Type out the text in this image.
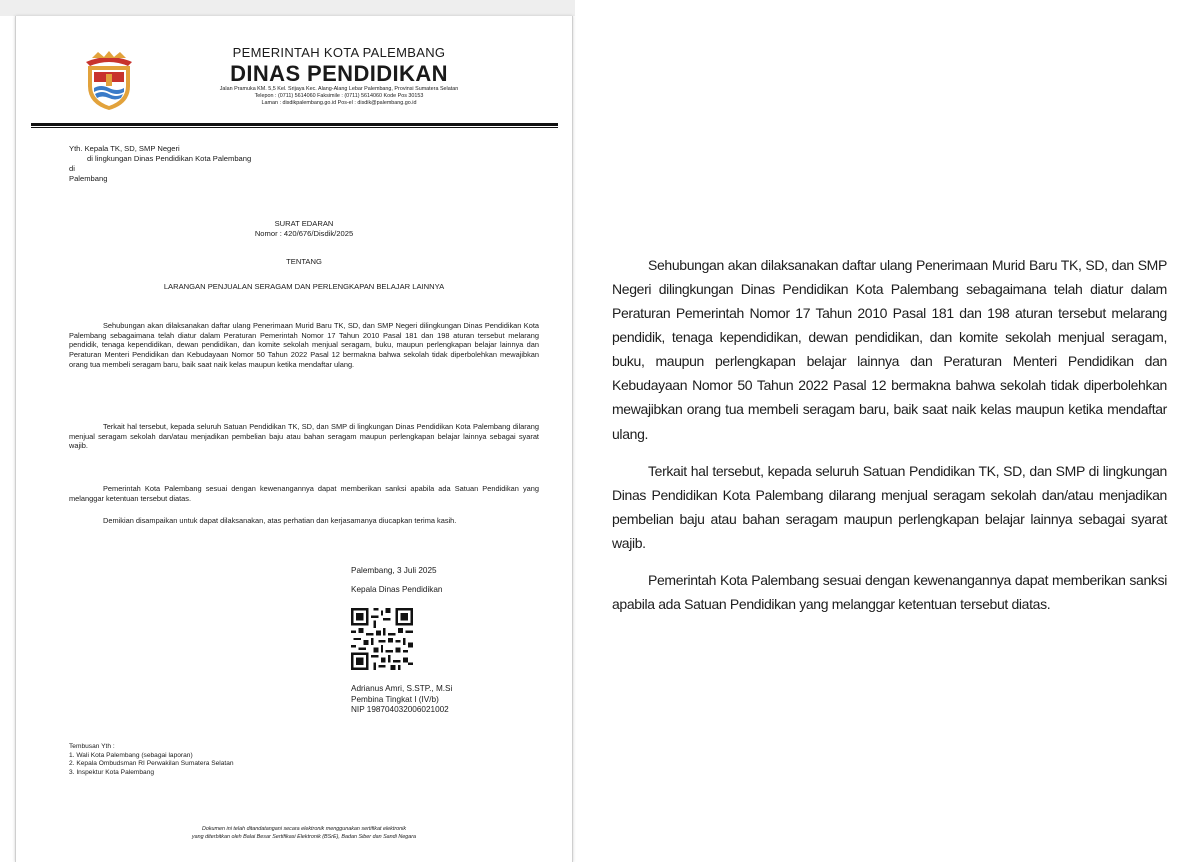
PEMERINTAH KOTA PALEMBANG
DINAS PENDIDIKAN
Jalan Pramuka KM. 5,5 Kel. Srijaya Kec. Alang-Alang Lebar Palembang, Provinsi Sumatera Selatan
Telepon : (0711) 5614060 Faksimile : (0711) 5614060 Kode Pos 30153
Laman : disdikpalembang.go.id Pos-el : disdik@palembang.go.id
Yth. Kepala TK, SD, SMP Negeri
di lingkungan Dinas Pendidikan Kota Palembang
di
Palembang
SURAT EDARAN
Nomor : 420/676/Disdik/2025
TENTANG
LARANGAN PENJUALAN SERAGAM DAN PERLENGKAPAN BELAJAR LAINNYA
Sehubungan akan dilaksanakan daftar ulang Penerimaan Murid Baru TK, SD, dan SMP Negeri dilingkungan Dinas Pendidikan Kota Palembang sebagaimana telah diatur dalam Peraturan Pemerintah Nomor 17 Tahun 2010 Pasal 181 dan 198 aturan tersebut melarang pendidik, tenaga kependidikan, dewan pendidikan, dan komite sekolah menjual seragam, buku, maupun perlengkapan belajar lainnya dan Peraturan Menteri Pendidikan dan Kebudayaan Nomor 50 Tahun 2022 Pasal 12 bermakna bahwa sekolah tidak diperbolehkan mewajibkan orang tua membeli seragam baru, baik saat naik kelas maupun ketika mendaftar ulang.
Terkait hal tersebut, kepada seluruh Satuan Pendidikan TK, SD, dan SMP di lingkungan Dinas Pendidikan Kota Palembang dilarang menjual seragam sekolah dan/atau menjadikan pembelian baju atau bahan seragam maupun perlengkapan belajar lainnya sebagai syarat wajib.
Pemerintah Kota Palembang sesuai dengan kewenangannya dapat memberikan sanksi apabila ada Satuan Pendidikan yang melanggar ketentuan tersebut diatas.
Demikian disampaikan untuk dapat dilaksanakan, atas perhatian dan kerjasamanya diucapkan terima kasih.
Palembang, 3 Juli 2025
Kepala Dinas Pendidikan
Adrianus Amri, S.STP., M.Si
Pembina Tingkat I (IV/b)
NIP 198704032006021002
Tembusan Yth :
1. Wali Kota Palembang (sebagai laporan)
2. Kepala Ombudsman RI Perwakilan Sumatera Selatan
3. Inspektur Kota Palembang
Dokumen ini telah ditandatangani secara elektronik menggunakan sertifikat elektronik
yang diterbitkan oleh Balai Besar Sertifikasi Elektronik (BSrE), Badan Siber dan Sandi Negara

Sehubungan akan dilaksanakan daftar ulang Penerimaan Murid Baru TK, SD, dan SMP Negeri dilingkungan Dinas Pendidikan Kota Palembang sebagaimana telah diatur dalam Peraturan Pemerintah Nomor 17 Tahun 2010 Pasal 181 dan 198 aturan tersebut melarang pendidik, tenaga kependidikan, dewan pendidikan, dan komite sekolah menjual seragam, buku, maupun perlengkapan belajar lainnya dan Peraturan Menteri Pendidikan dan Kebudayaan Nomor 50 Tahun 2022 Pasal 12 bermakna bahwa sekolah tidak diperbolehkan mewajibkan orang tua membeli seragam baru, baik saat naik kelas maupun ketika mendaftar ulang.

Terkait hal tersebut, kepada seluruh Satuan Pendidikan TK, SD, dan SMP di lingkungan Dinas Pendidikan Kota Palembang dilarang menjual seragam sekolah dan/atau menjadikan pembelian baju atau bahan seragam maupun perlengkapan belajar lainnya sebagai syarat wajib.

Pemerintah Kota Palembang sesuai dengan kewenangannya dapat memberikan sanksi apabila ada Satuan Pendidikan yang melanggar ketentuan tersebut diatas.
